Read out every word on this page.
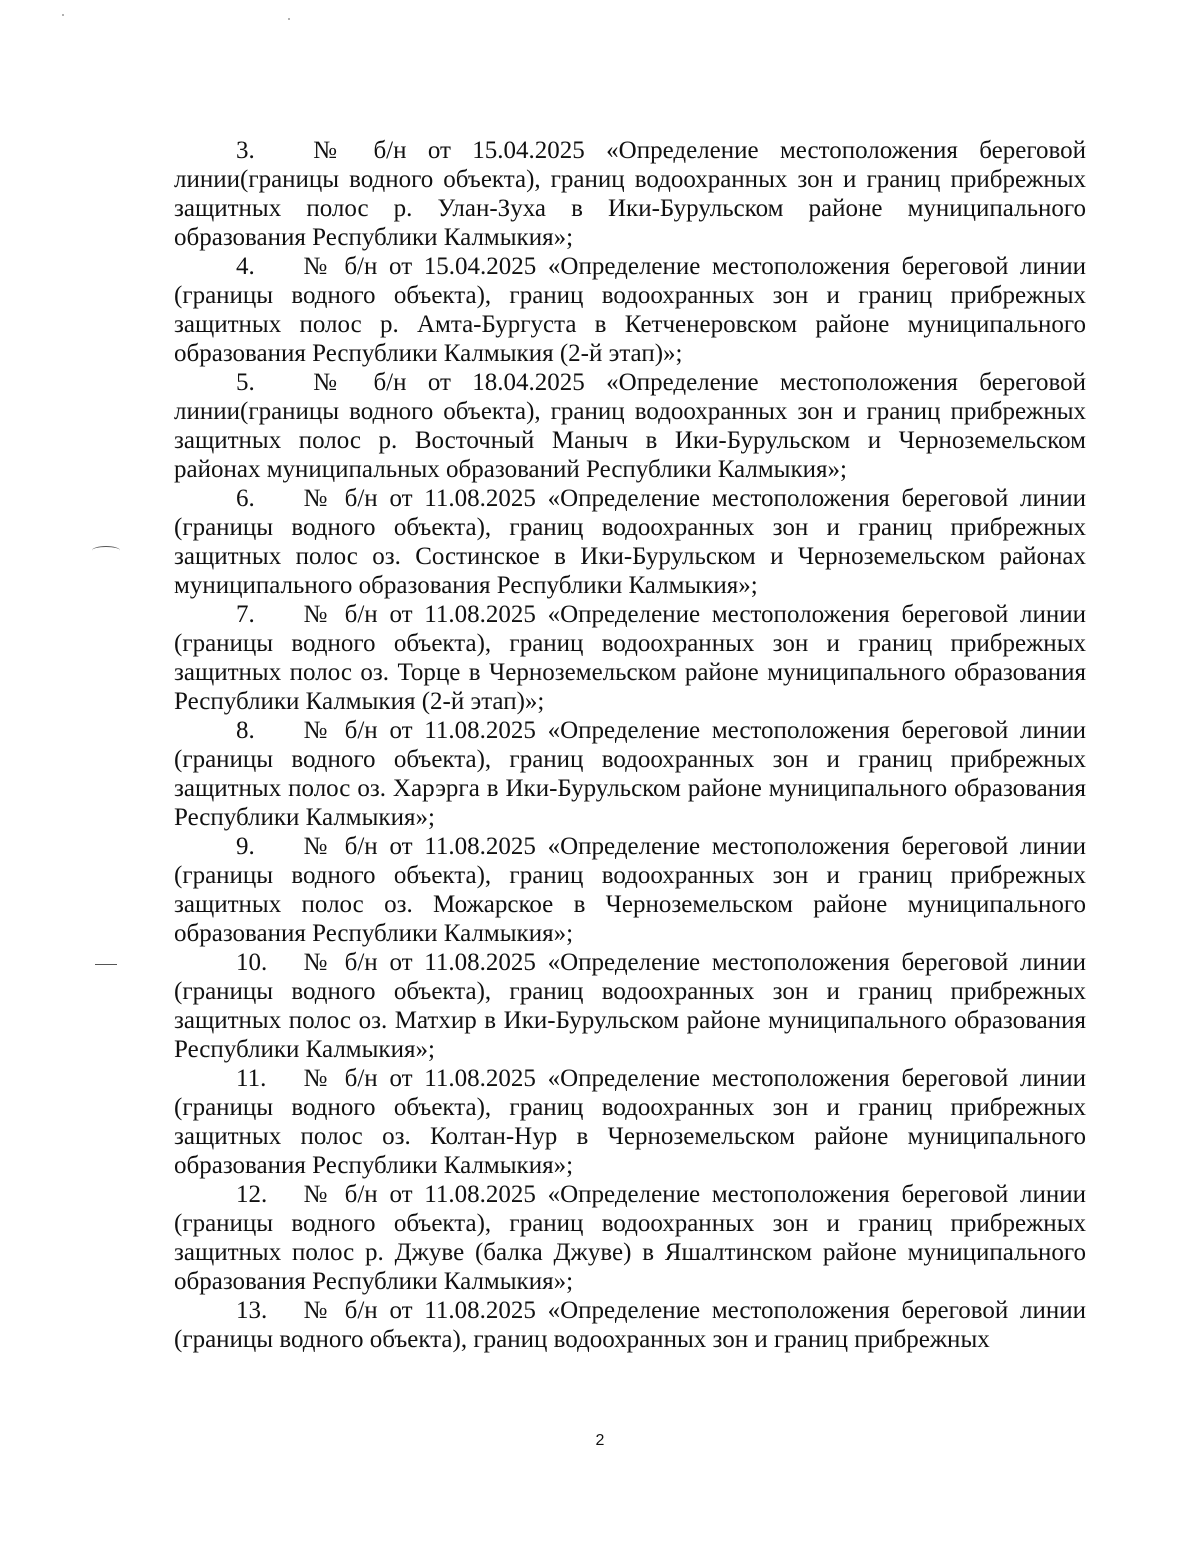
3. № б/н от 15.04.2025 «Определение местоположения береговой линии(границы водного объекта), границ водоохранных зон и границ прибрежных защитных полос р. Улан-Зуха в Ики-Бурульском районе муниципального образования Республики Калмыкия»;

4. № б/н от 15.04.2025 «Определение местоположения береговой линии (границы водного объекта), границ водоохранных зон и границ прибрежных защитных полос р. Амта-Бургуста в Кетченеровском районе муниципального образования Республики Калмыкия (2-й этап)»;

5. № б/н от 18.04.2025 «Определение местоположения береговой линии(границы водного объекта), границ водоохранных зон и границ прибрежных защитных полос р. Восточный Маныч в Ики-Бурульском и Черноземельском районах муниципальных образований Республики Калмыкия»;

6. № б/н от 11.08.2025 «Определение местоположения береговой линии (границы водного объекта), границ водоохранных зон и границ прибрежных защитных полос оз. Состинское в Ики-Бурульском и Черноземельском районах муниципального образования Республики Калмыкия»;

7. № б/н от 11.08.2025 «Определение местоположения береговой линии (границы водного объекта), границ водоохранных зон и границ прибрежных защитных полос оз. Торце в Черноземельском районе муниципального образования Республики Калмыкия (2-й этап)»;

8. № б/н от 11.08.2025 «Определение местоположения береговой линии (границы водного объекта), границ водоохранных зон и границ прибрежных защитных полос оз. Харэрга в Ики-Бурульском районе муниципального образования Республики Калмыкия»;

9. № б/н от 11.08.2025 «Определение местоположения береговой линии (границы водного объекта), границ водоохранных зон и границ прибрежных защитных полос оз. Можарское в Черноземельском районе муниципального образования Республики Калмыкия»;

10. № б/н от 11.08.2025 «Определение местоположения береговой линии (границы водного объекта), границ водоохранных зон и границ прибрежных защитных полос оз. Матхир в Ики-Бурульском районе муниципального образования Республики Калмыкия»;

11. № б/н от 11.08.2025 «Определение местоположения береговой линии (границы водного объекта), границ водоохранных зон и границ прибрежных защитных полос оз. Колтан-Нур в Черноземельском районе муниципального образования Республики Калмыкия»;

12. № б/н от 11.08.2025 «Определение местоположения береговой линии (границы водного объекта), границ водоохранных зон и границ прибрежных защитных полос р. Джуве (балка Джуве) в Яшалтинском районе муниципального образования Республики Калмыкия»;

13. № б/н от 11.08.2025 «Определение местоположения береговой линии (границы водного объекта), границ водоохранных зон и границ прибрежных

2
